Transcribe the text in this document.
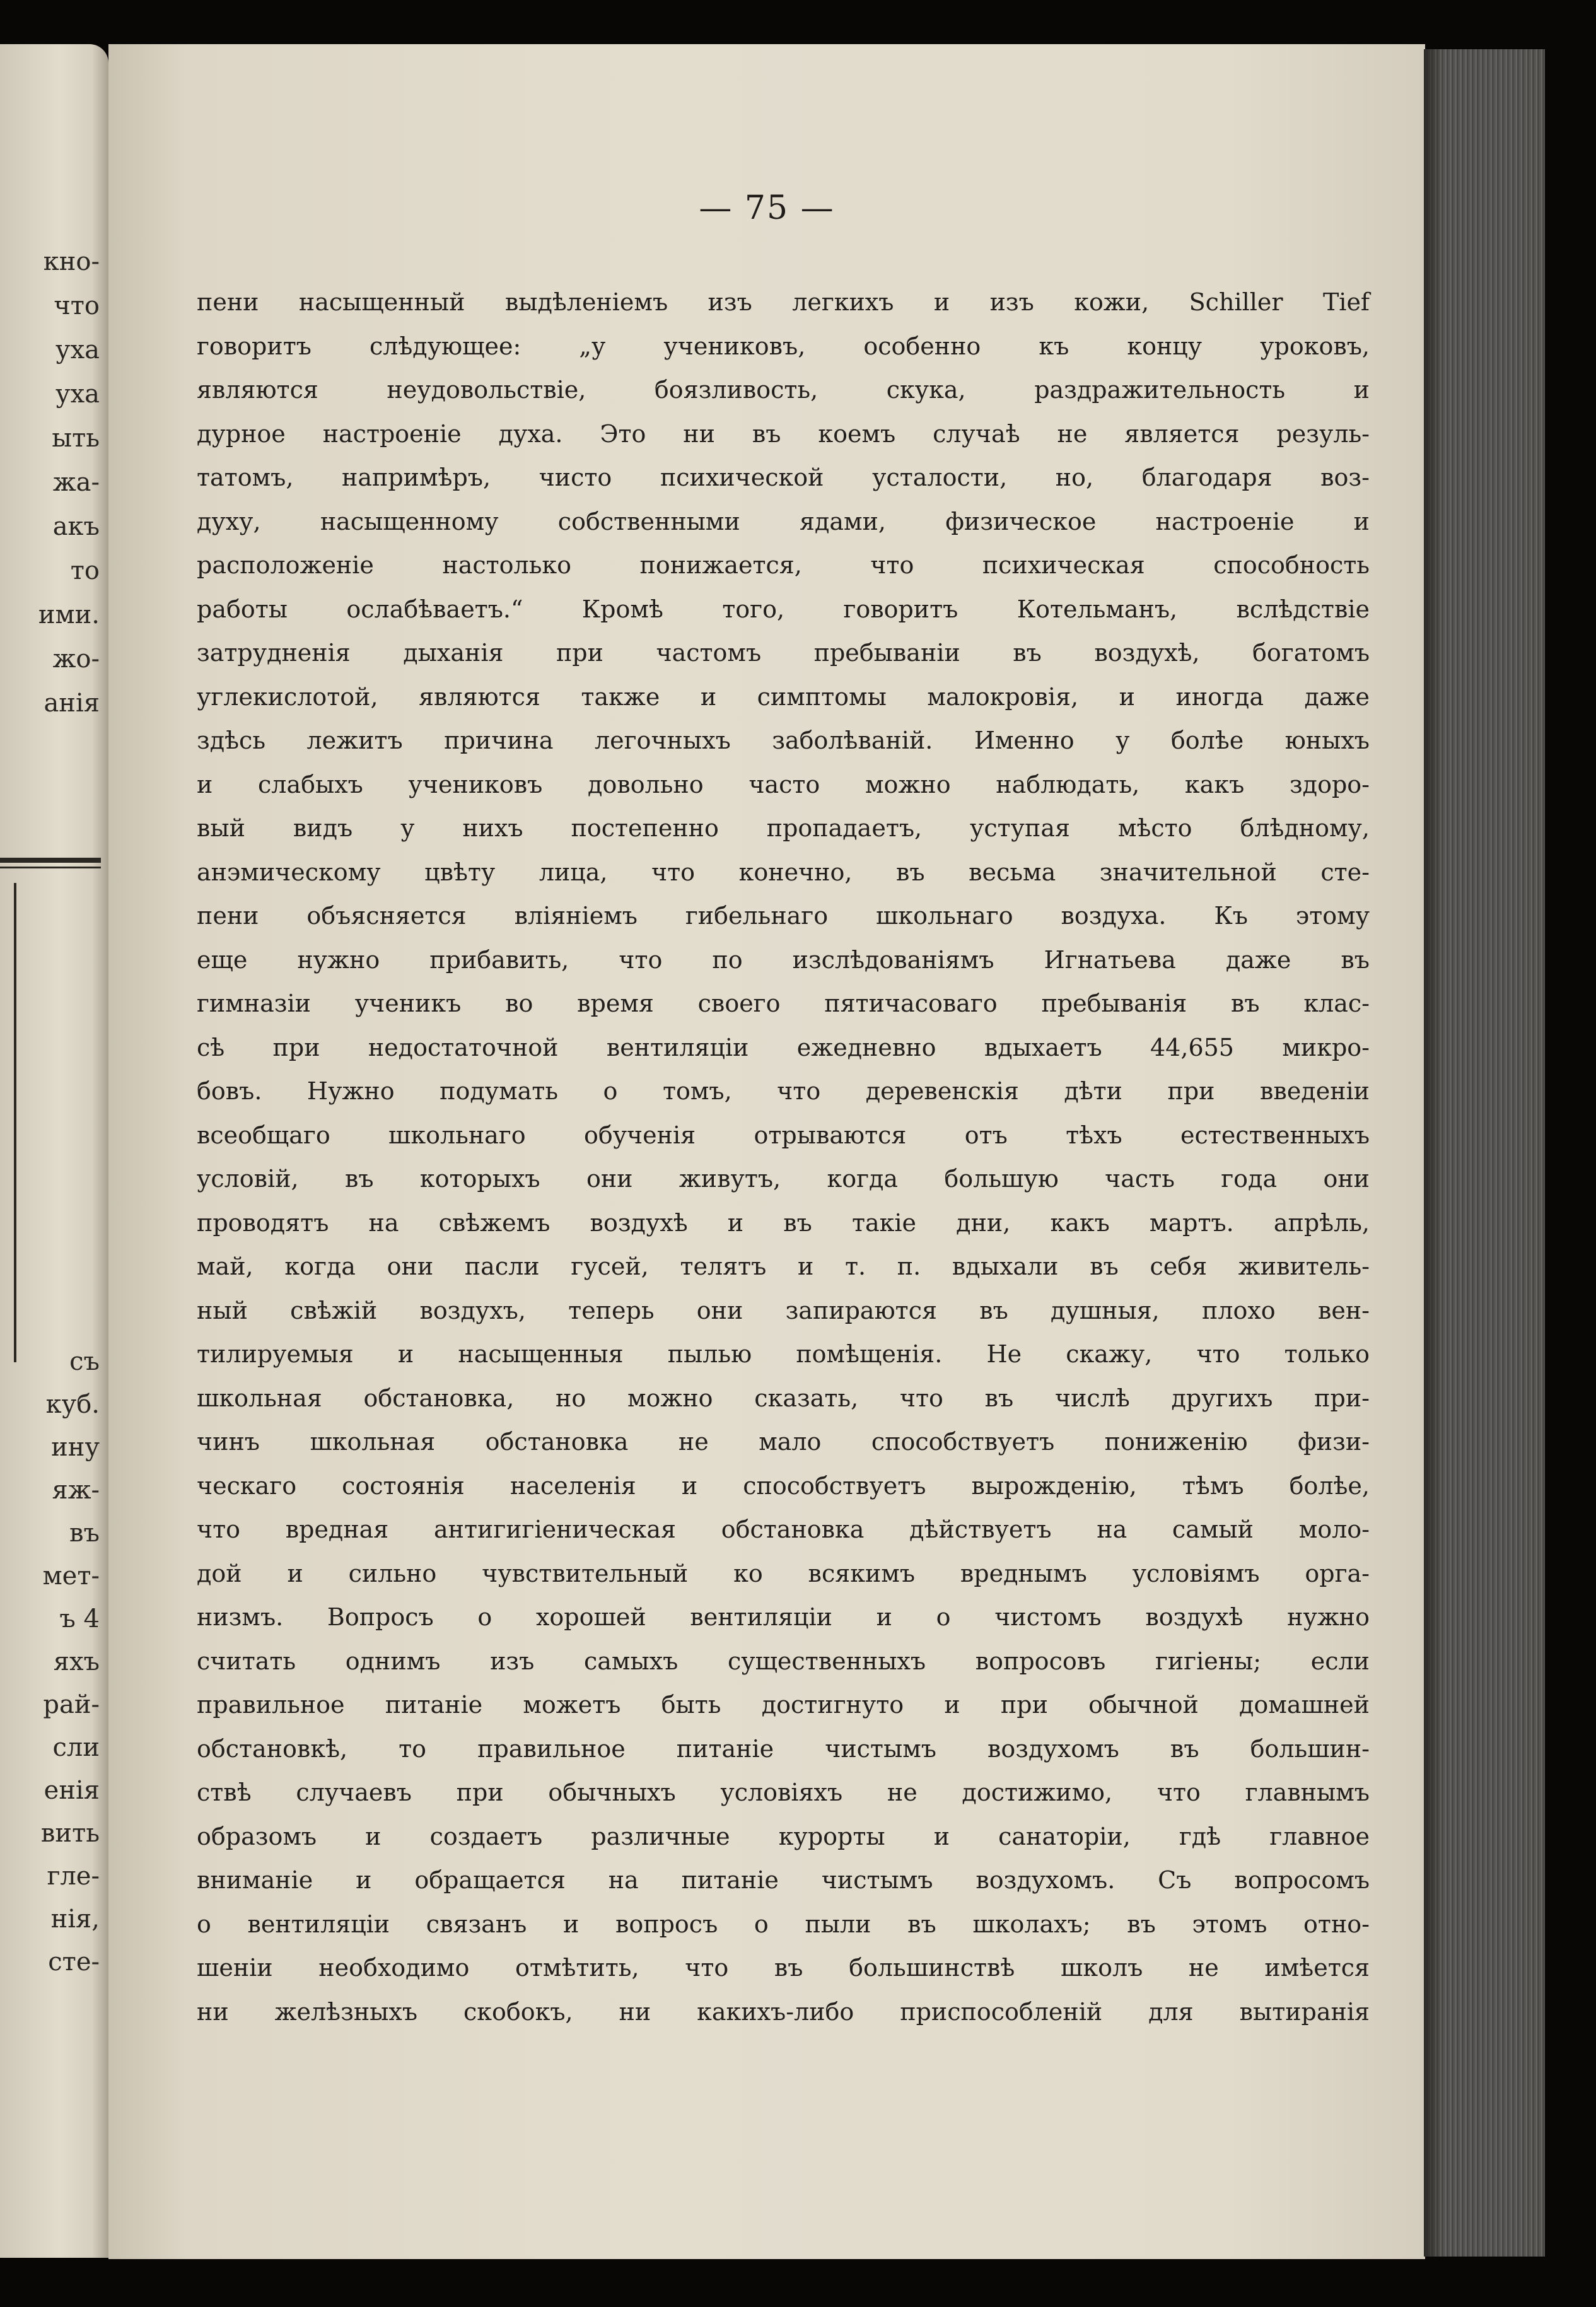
кно-
что
уха
уха
ыть
жа-
акъ
то
ими.
жо-
анія
съ
куб.
ину
яж-
въ
мет-
ъ 4
яхъ
рай-
сли
енія
вить
гле-
нія,
сте-
— 75 —
пени насыщенный выдѣленіемъ изъ легкихъ и изъ кожи, Schiller Tief
говоритъ слѣдующее: „у учениковъ, особенно къ концу уроковъ,
являются неудовольствіе, боязливость, скука, раздражительность и
дурное настроеніе духа. Это ни въ коемъ случаѣ не является резуль-
татомъ, напримѣръ, чисто психической усталости, но, благодаря воз-
духу, насыщенному собственными ядами, физическое настроеніе и
расположеніе настолько понижается, что психическая способность
работы ослабѣваетъ.“ Кромѣ того, говоритъ Котельманъ, вслѣдствіе
затрудненія дыханія при частомъ пребываніи въ воздухѣ, богатомъ
углекислотой, являются также и симптомы малокровія, и иногда даже
здѣсь лежитъ причина легочныхъ заболѣваній. Именно у болѣе юныхъ
и слабыхъ учениковъ довольно часто можно наблюдать, какъ здоро-
вый видъ у нихъ постепенно пропадаетъ, уступая мѣсто блѣдному,
анэмическому цвѣту лица, что конечно, въ весьма значительной сте-
пени объясняется вліяніемъ гибельнаго школьнаго воздуха. Къ этому
еще нужно прибавить, что по изслѣдованіямъ Игнатьева даже въ
гимназіи ученикъ во время своего пятичасоваго пребыванія въ клас-
сѣ при недостаточной вентиляціи ежедневно вдыхаетъ 44,655 микро-
бовъ. Нужно подумать о томъ, что деревенскія дѣти при введеніи
всеобщаго школьнаго обученія отрываются отъ тѣхъ естественныхъ
условій, въ которыхъ они живутъ, когда большую часть года они
проводятъ на свѣжемъ воздухѣ и въ такіе дни, какъ мартъ. апрѣль,
май, когда они пасли гусей, телятъ и т. п. вдыхали въ себя живитель-
ный свѣжій воздухъ, теперь они запираются въ душныя, плохо вен-
тилируемыя и насыщенныя пылью помѣщенія. Не скажу, что только
школьная обстановка, но можно сказать, что въ числѣ другихъ при-
чинъ школьная обстановка не мало способствуетъ пониженію физи-
ческаго состоянія населенія и способствуетъ вырожденію, тѣмъ болѣе,
что вредная антигигіеническая обстановка дѣйствуетъ на самый моло-
дой и сильно чувствительный ко всякимъ вреднымъ условіямъ орга-
низмъ. Вопросъ о хорошей вентиляціи и о чистомъ воздухѣ нужно
считать однимъ изъ самыхъ существенныхъ вопросовъ гигіены; если
правильное питаніе можетъ быть достигнуто и при обычной домашней
обстановкѣ, то правильное питаніе чистымъ воздухомъ въ большин-
ствѣ случаевъ при обычныхъ условіяхъ не достижимо, что главнымъ
образомъ и создаетъ различные курорты и санаторіи, гдѣ главное
вниманіе и обращается на питаніе чистымъ воздухомъ. Съ вопросомъ
о вентиляціи связанъ и вопросъ о пыли въ школахъ; въ этомъ отно-
шеніи необходимо отмѣтить, что въ большинствѣ школъ не имѣется
ни желѣзныхъ скобокъ, ни какихъ-либо приспособленій для вытиранія
